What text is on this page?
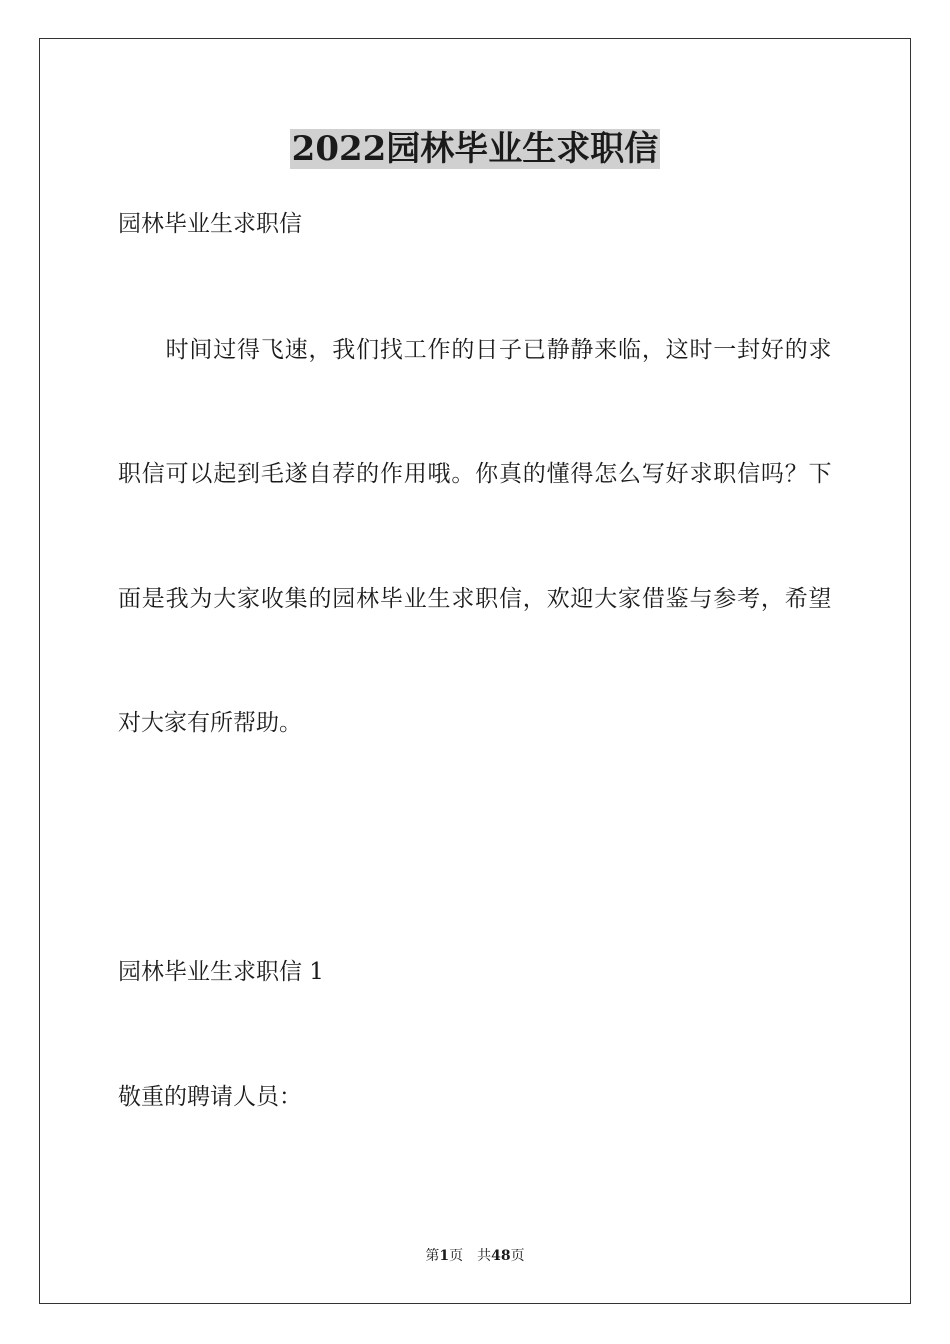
2022园林毕业生求职信
园林毕业生求职信
　　时间过得飞速，我们找工作的日子已静静来临，这时一封好的求
职信可以起到毛遂自荐的作用哦。你真的懂得怎么写好求职信吗？下
面是我为大家收集的园林毕业生求职信，欢迎大家借鉴与参考，希望
对大家有所帮助。
园林毕业生求职信 1
敬重的聘请人员：
第1页 共48页
